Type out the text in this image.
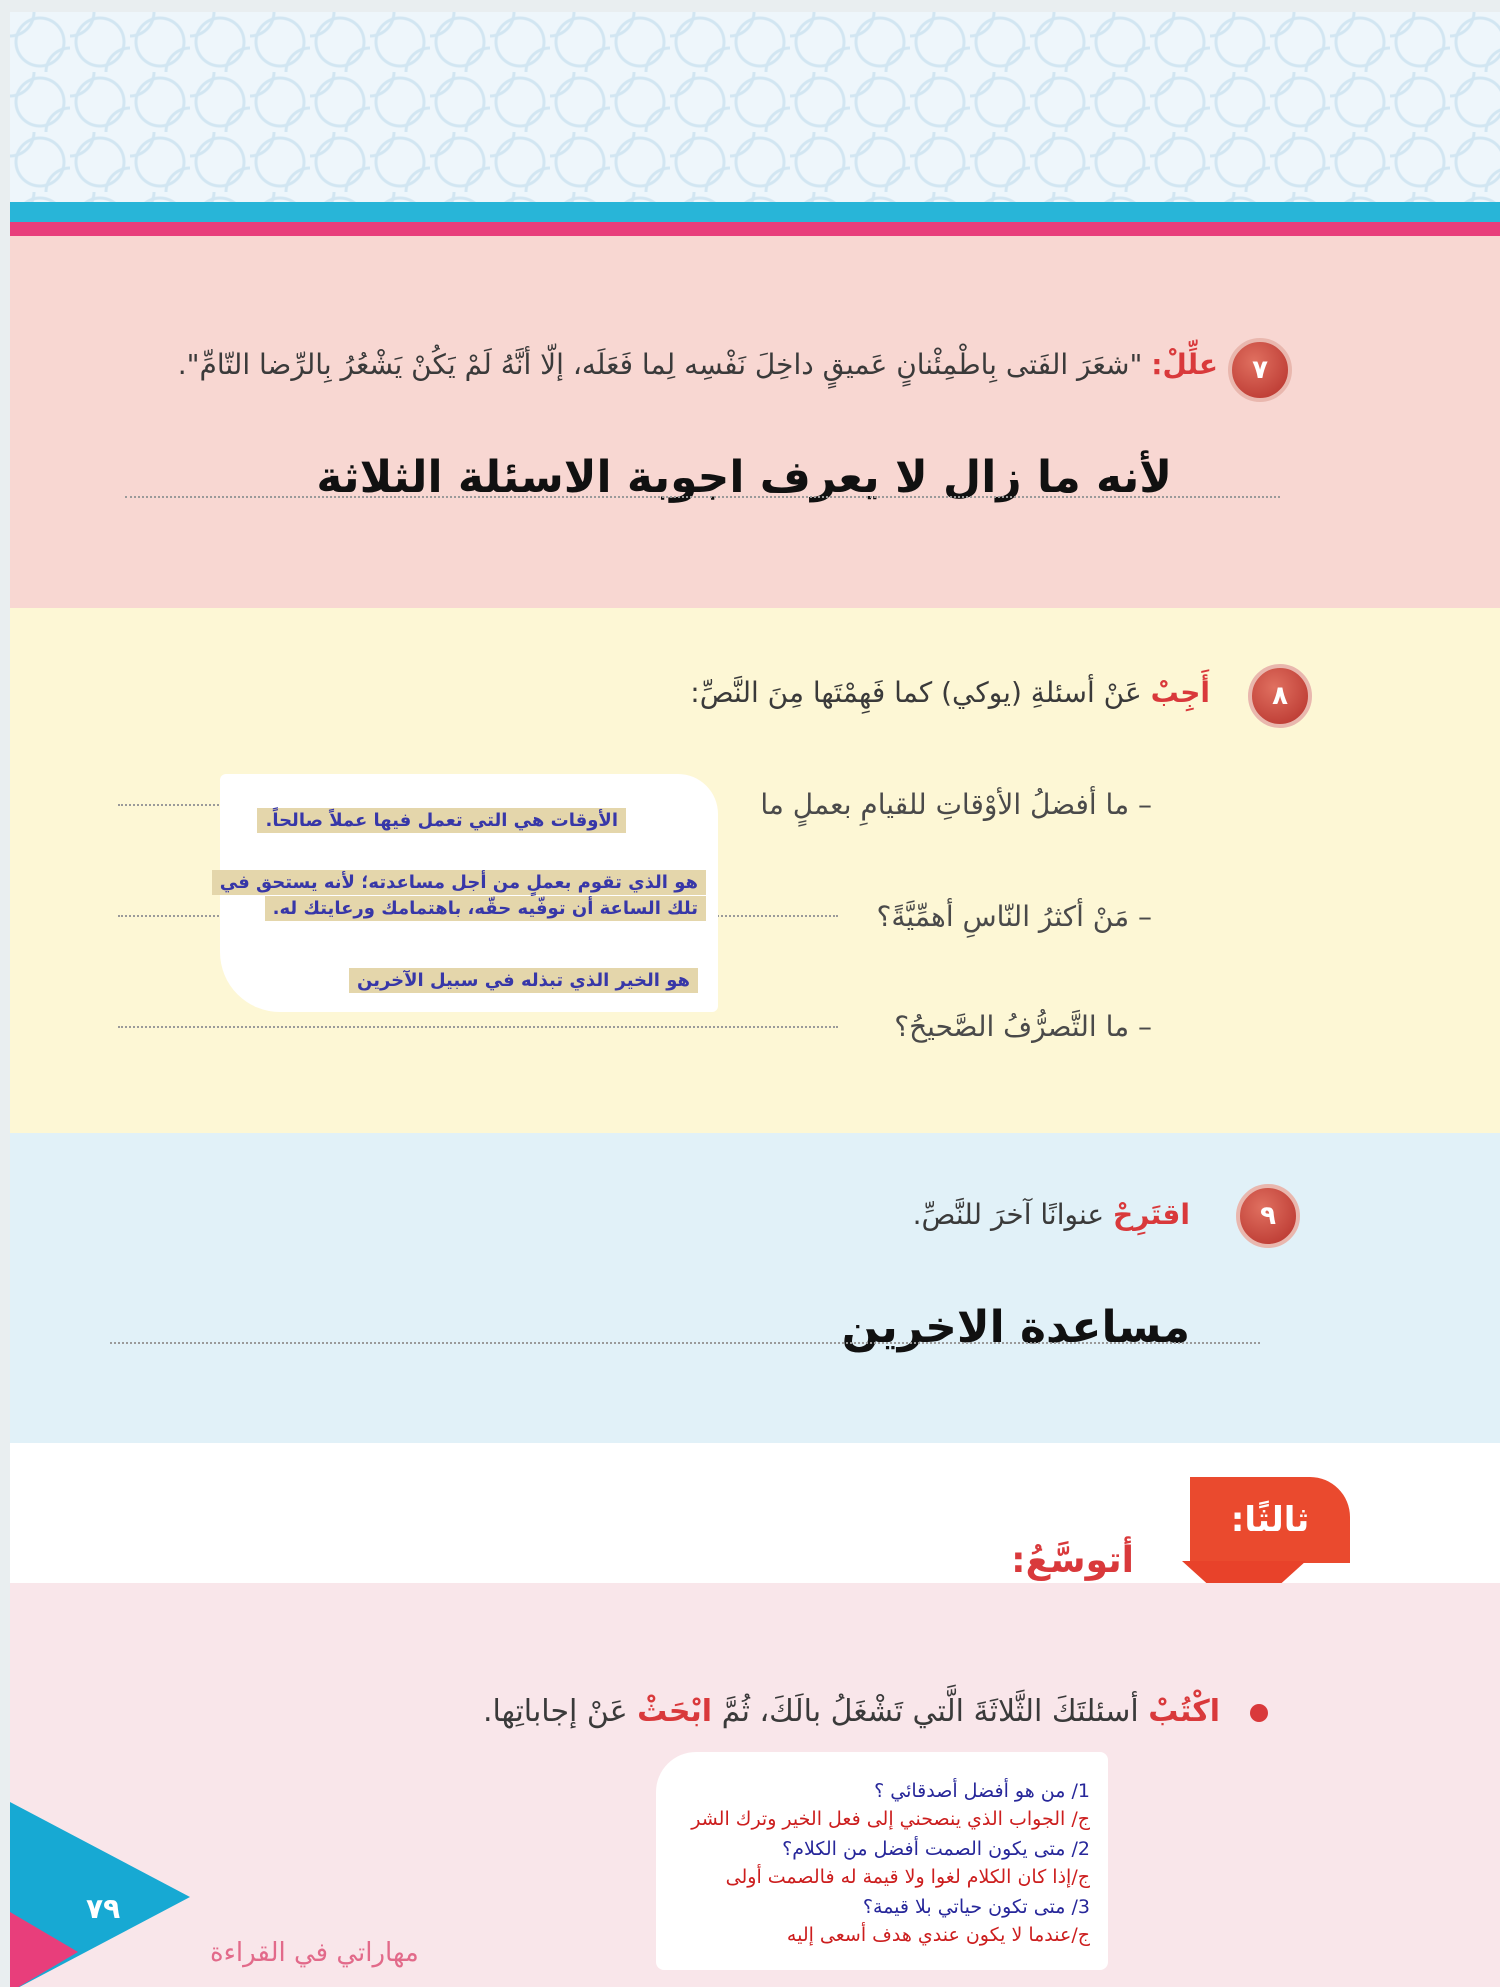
٧
علِّلْ: "شعَرَ الفَتى بِاطْمِئْنانٍ عَميقٍ داخِلَ نَفْسِه لِما فَعَلَه، إلّا أنَّهُ لَمْ يَكُنْ يَشْعُرُ بِالرِّضا التّامِّ".
لأنه ما زال لا يعرف اجوبة الاسئلة الثلاثة
٨
أَجِبْ عَنْ أسئلةِ (يوكي) كما فَهِمْتَها مِنَ النَّصِّ:
– ما أفضلُ الأوْقاتِ للقيامِ بعملٍ ما
– مَنْ أكثرُ النّاسِ أهمِّيَّةً؟
– ما التَّصرُّفُ الصَّحيحُ؟
الأوقات هي التي تعمل فيها عملاً صالحاً.
هو الذي تقوم بعملٍ من أجل مساعدته؛ لأنه يستحق في
تلك الساعة أن توفّيه حقّه، باهتمامك ورعايتك له.
هو الخير الذي تبذله في سبيل الآخرين
٩
اقتَرِحْ عنوانًا آخرَ للنَّصِّ.
مساعدة الاخرين
ثالثًا:
أتوسَّعُ:
اكْتُبْ أسئلتَكَ الثَّلاثَةَ الَّتي تَشْغَلُ بالَكَ، ثُمَّ ابْحَثْ عَنْ إجاباتِها.
1/ من هو أفضل أصدقائي ؟
ج/ الجواب الذي ينصحني إلى فعل الخير وترك الشر
2/ متى يكون الصمت أفضل من الكلام؟
ج/إذا كان الكلام لغوا ولا قيمة له فالصمت أولى
3/ متى تكون حياتي بلا قيمة؟
ج/عندما لا يكون عندي هدف أسعى إليه
٧٩
مهاراتي في القراءة
